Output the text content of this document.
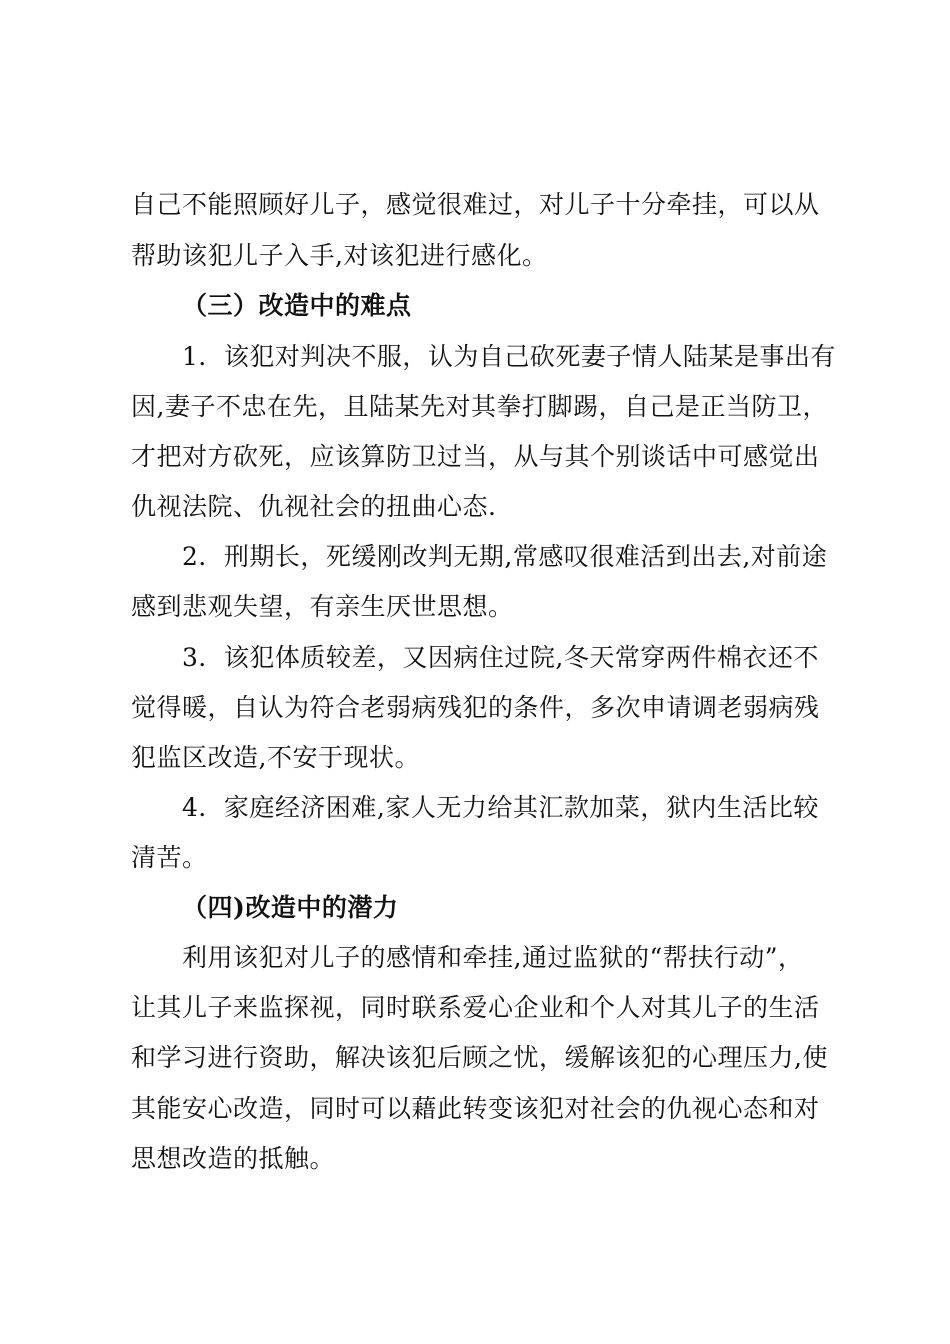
自己不能照顾好儿子，感觉很难过，对儿子十分牵挂，可以从
帮助该犯儿子入手,对该犯进行感化。
（三）改造中的难点
1．该犯对判决不服，认为自己砍死妻子情人陆某是事出有
因,妻子不忠在先，且陆某先对其拳打脚踢，自己是正当防卫，
才把对方砍死，应该算防卫过当，从与其个别谈话中可感觉出
仇视法院、仇视社会的扭曲心态.
2．刑期长，死缓刚改判无期,常感叹很难活到出去,对前途
感到悲观失望，有亲生厌世思想。
3．该犯体质较差，又因病住过院,冬天常穿两件棉衣还不
觉得暖，自认为符合老弱病残犯的条件，多次申请调老弱病残
犯监区改造,不安于现状。
4．家庭经济困难,家人无力给其汇款加菜，狱内生活比较
清苦。
（四)改造中的潜力
利用该犯对儿子的感情和牵挂,通过监狱的“帮扶行动”，
让其儿子来监探视，同时联系爱心企业和个人对其儿子的生活
和学习进行资助，解决该犯后顾之忧，缓解该犯的心理压力,使
其能安心改造，同时可以藉此转变该犯对社会的仇视心态和对
思想改造的抵触。
